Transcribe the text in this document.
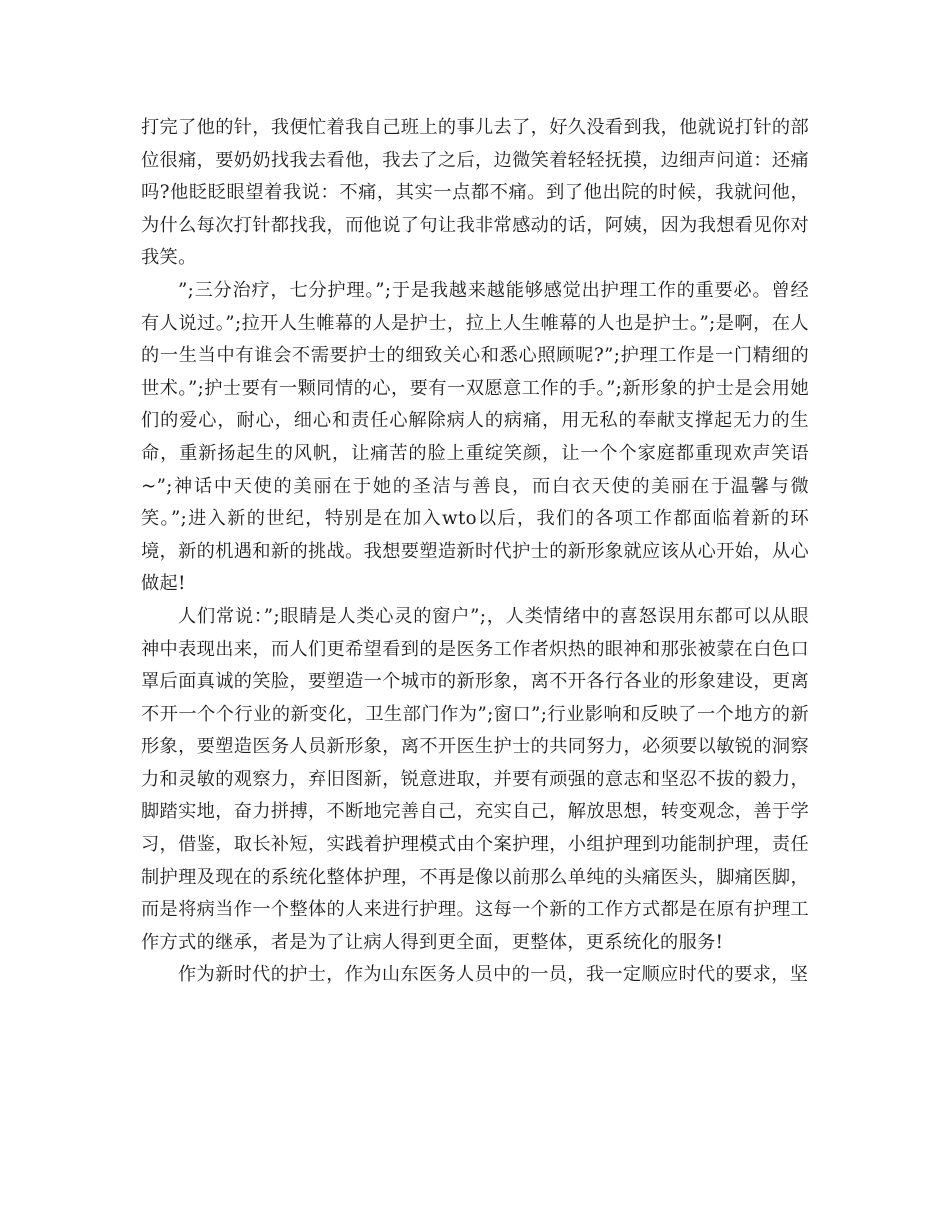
打完了他的针，我便忙着我自己班上的事儿去了，好久没看到我，他就说打针的部位很痛，要奶奶找我去看他，我去了之后，边微笑着轻轻抚摸，边细声问道：还痛吗?他眨眨眼望着我说：不痛，其实一点都不痛。到了他出院的时候，我就问他，为什么每次打针都找我，而他说了句让我非常感动的话，阿姨，因为我想看见你对我笑。

”;三分治疗，七分护理。”;于是我越来越能够感觉出护理工作的重要必。曾经有人说过。”;拉开人生帷幕的人是护士，拉上人生帷幕的人也是护士。”;是啊，在人的一生当中有谁会不需要护士的细致关心和悉心照顾呢?”;护理工作是一门精细的世术。”;护士要有一颗同情的心，要有一双愿意工作的手。”;新形象的护士是会用她们的爱心，耐心，细心和责任心解除病人的病痛，用无私的奉献支撑起无力的生命，重新扬起生的风帆，让痛苦的脸上重绽笑颜，让一个个家庭都重现欢声笑语~”;神话中天使的美丽在于她的圣洁与善良，而白衣天使的美丽在于温馨与微笑。”;进入新的世纪，特别是在加入wto以后，我们的各项工作都面临着新的环境，新的机遇和新的挑战。我想要塑造新时代护士的新形象就应该从心开始，从心做起!

人们常说：”;眼睛是人类心灵的窗户”;，人类情绪中的喜怒误用东都可以从眼神中表现出来，而人们更希望看到的是医务工作者炽热的眼神和那张被蒙在白色口罩后面真诚的笑脸，要塑造一个城市的新形象，离不开各行各业的形象建设，更离不开一个个行业的新变化，卫生部门作为”;窗口”;行业影响和反映了一个地方的新形象，要塑造医务人员新形象，离不开医生护士的共同努力，必须要以敏锐的洞察力和灵敏的观察力，弃旧图新，锐意进取，并要有顽强的意志和坚忍不拔的毅力，脚踏实地，奋力拼搏，不断地完善自己，充实自己，解放思想，转变观念，善于学习，借鉴，取长补短，实践着护理模式由个案护理，小组护理到功能制护理，责任制护理及现在的系统化整体护理，不再是像以前那么单纯的头痛医头，脚痛医脚，而是将病当作一个整体的人来进行护理。这每一个新的工作方式都是在原有护理工作方式的继承，者是为了让病人得到更全面，更整体，更系统化的服务!

作为新时代的护士，作为山东医务人员中的一员，我一定顺应时代的要求，坚
